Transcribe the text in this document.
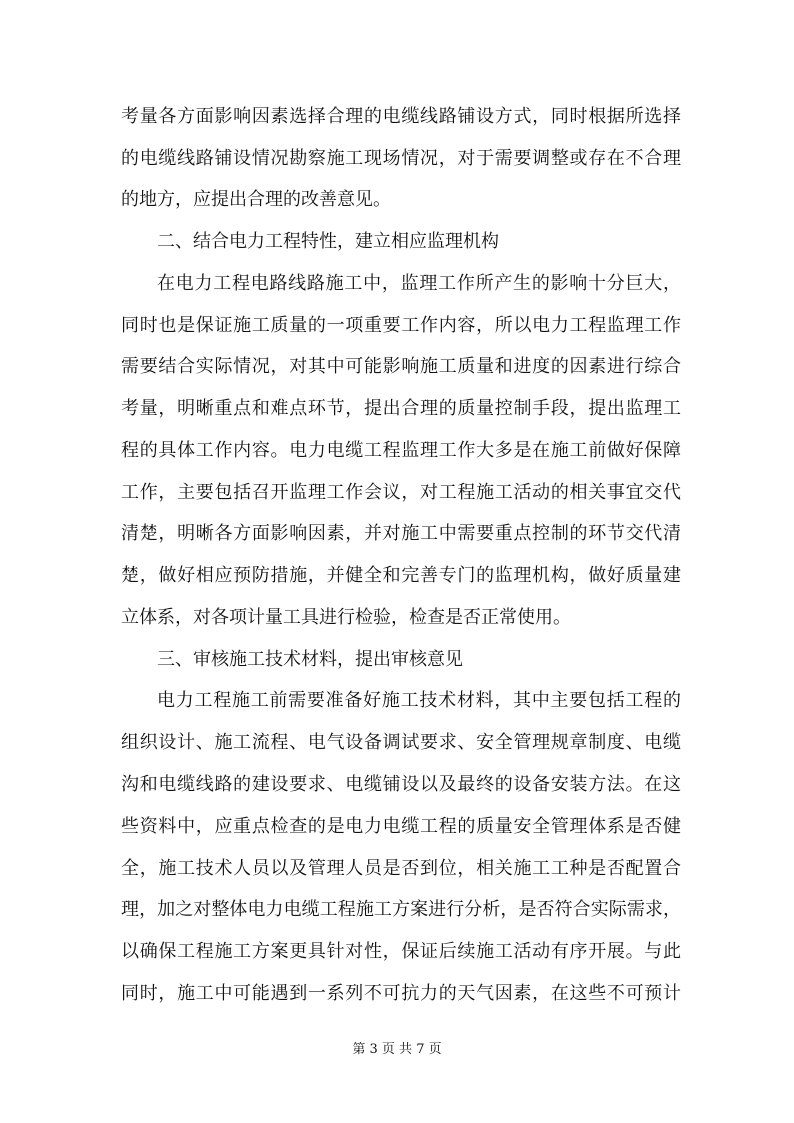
考量各方面影响因素选择合理的电缆线路铺设方式，同时根据所选择
的电缆线路铺设情况勘察施工现场情况，对于需要调整或存在不合理
的地方，应提出合理的改善意见。
二、结合电力工程特性，建立相应监理机构
在电力工程电路线路施工中，监理工作所产生的影响十分巨大，
同时也是保证施工质量的一项重要工作内容，所以电力工程监理工作
需要结合实际情况，对其中可能影响施工质量和进度的因素进行综合
考量，明晰重点和难点环节，提出合理的质量控制手段，提出监理工
程的具体工作内容。电力电缆工程监理工作大多是在施工前做好保障
工作，主要包括召开监理工作会议，对工程施工活动的相关事宜交代
清楚，明晰各方面影响因素，并对施工中需要重点控制的环节交代清
楚，做好相应预防措施，并健全和完善专门的监理机构，做好质量建
立体系，对各项计量工具进行检验，检查是否正常使用。
三、审核施工技术材料，提出审核意见
电力工程施工前需要准备好施工技术材料，其中主要包括工程的
组织设计、施工流程、电气设备调试要求、安全管理规章制度、电缆
沟和电缆线路的建设要求、电缆铺设以及最终的设备安装方法。在这
些资料中，应重点检查的是电力电缆工程的质量安全管理体系是否健
全，施工技术人员以及管理人员是否到位，相关施工工种是否配置合
理，加之对整体电力电缆工程施工方案进行分析，是否符合实际需求，
以确保工程施工方案更具针对性，保证后续施工活动有序开展。与此
同时，施工中可能遇到一系列不可抗力的天气因素，在这些不可预计
第 3 页 共 7 页
